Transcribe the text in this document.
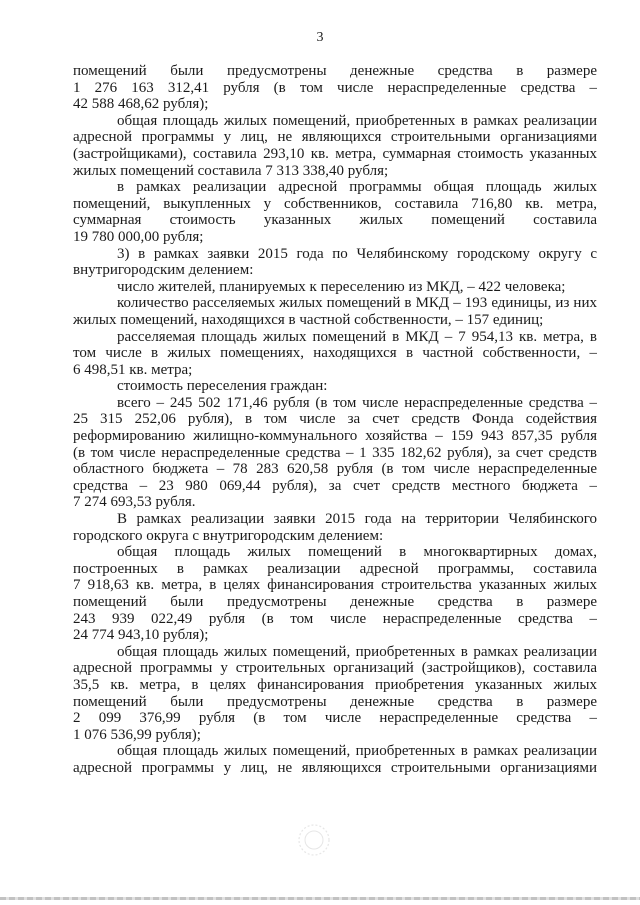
3
помещений были предусмотрены денежные средства в размере
1 276 163 312,41 рубля (в том числе нераспределенные средства –
42 588 468,62 рубля);
общая площадь жилых помещений, приобретенных в рамках реализации
адресной программы у лиц, не являющихся строительными организациями
(застройщиками), составила 293,10 кв. метра, суммарная стоимость указанных
жилых помещений составила 7 313 338,40 рубля;
в рамках реализации адресной программы общая площадь жилых
помещений, выкупленных у собственников, составила 716,80 кв. метра,
суммарная стоимость указанных жилых помещений составила
19 780 000,00 рубля;
3) в рамках заявки 2015 года по Челябинскому городскому округу с
внутригородским делением:
число жителей, планируемых к переселению из МКД, – 422 человека;
количество расселяемых жилых помещений в МКД – 193 единицы, из них
жилых помещений, находящихся в частной собственности, – 157 единиц;
расселяемая площадь жилых помещений в МКД – 7 954,13 кв. метра, в
том числе в жилых помещениях, находящихся в частной собственности, –
6 498,51 кв. метра;
стоимость переселения граждан:
всего – 245 502 171,46 рубля (в том числе нераспределенные средства –
25 315 252,06 рубля), в том числе за счет средств Фонда содействия
реформированию жилищно-коммунального хозяйства – 159 943 857,35 рубля
(в том числе нераспределенные средства – 1 335 182,62 рубля), за счет средств
областного бюджета – 78 283 620,58 рубля (в том числе нераспределенные
средства – 23 980 069,44 рубля), за счет средств местного бюджета –
7 274 693,53 рубля.
В рамках реализации заявки 2015 года на территории Челябинского
городского округа с внутригородским делением:
общая площадь жилых помещений в многоквартирных домах,
построенных в рамках реализации адресной программы, составила
7 918,63 кв. метра, в целях финансирования строительства указанных жилых
помещений были предусмотрены денежные средства в размере
243 939 022,49 рубля (в том числе нераспределенные средства –
24 774 943,10 рубля);
общая площадь жилых помещений, приобретенных в рамках реализации
адресной программы у строительных организаций (застройщиков), составила
35,5 кв. метра, в целях финансирования приобретения указанных жилых
помещений были предусмотрены денежные средства в размере
2 099 376,99 рубля (в том числе нераспределенные средства –
1 076 536,99 рубля);
общая площадь жилых помещений, приобретенных в рамках реализации
адресной программы у лиц, не являющихся строительными организациями
